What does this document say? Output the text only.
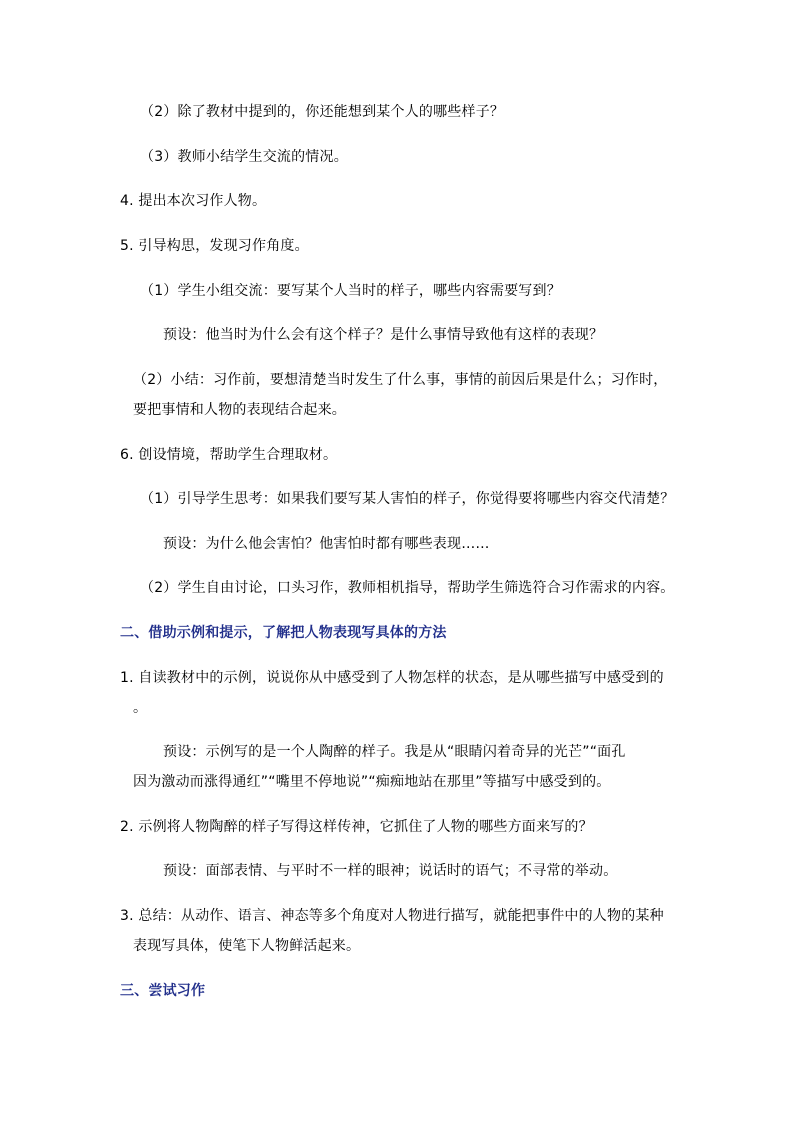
（2）除了教材中提到的，你还能想到某个人的哪些样子？
（3）教师小结学生交流的情况。
4. 提出本次习作人物。
5. 引导构思，发现习作角度。
（1）学生小组交流：要写某个人当时的样子，哪些内容需要写到？
预设：他当时为什么会有这个样子？是什么事情导致他有这样的表现？
（2）小结：习作前，要想清楚当时发生了什么事，事情的前因后果是什么；习作时，
要把事情和人物的表现结合起来。
6. 创设情境，帮助学生合理取材。
（1）引导学生思考：如果我们要写某人害怕的样子，你觉得要将哪些内容交代清楚？
预设：为什么他会害怕？他害怕时都有哪些表现……
（2）学生自由讨论，口头习作，教师相机指导，帮助学生筛选符合习作需求的内容。
二、借助示例和提示，了解把人物表现写具体的方法
1. 自读教材中的示例，说说你从中感受到了人物怎样的状态，是从哪些描写中感受到的
。
预设：示例写的是一个人陶醉的样子。我是从“眼睛闪着奇异的光芒”“面孔
因为激动而涨得通红”“嘴里不停地说”“痴痴地站在那里”等描写中感受到的。
2. 示例将人物陶醉的样子写得这样传神，它抓住了人物的哪些方面来写的？
预设：面部表情、与平时不一样的眼神；说话时的语气；不寻常的举动。
3. 总结：从动作、语言、神态等多个角度对人物进行描写，就能把事件中的人物的某种
表现写具体，使笔下人物鲜活起来。
三、尝试习作
